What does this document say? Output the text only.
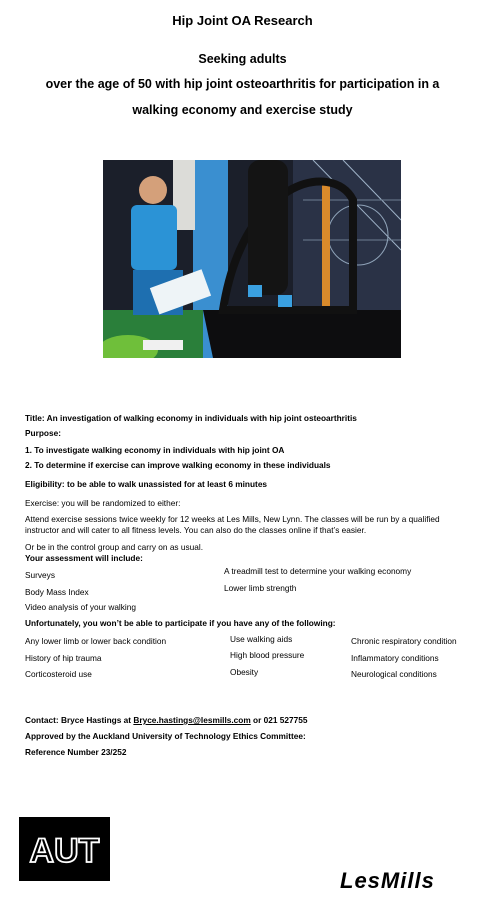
Hip Joint OA Research
Seeking adults
over the age of 50 with hip joint osteoarthritis for participation in a
walking economy and exercise study
Title: An investigation of walking economy in individuals with hip joint osteoarthritis
Purpose:
1. To investigate walking economy in individuals with hip joint OA
2. To determine if exercise can improve walking economy in these individuals
Eligibility: to be able to walk unassisted for at least 6 minutes
Exercise: you will be randomized to either:
Attend exercise sessions twice weekly for 12 weeks at Les Mills, New Lynn. The classes will be run by a qualified instructor and will cater to all fitness levels. You can also do the classes online if that’s easier.
Or be in the control group and carry on as usual.
Your assessment will include:
Surveys
Body Mass Index
Video analysis of your walking
A treadmill test to determine your walking economy
Lower limb strength
Unfortunately, you won’t be able to participate if you have any of the following:
Any lower limb or lower back condition
History of hip trauma
Corticosteroid use
Use walking aids
High blood pressure
Obesity
Chronic respiratory condition
Inflammatory conditions
Neurological conditions
Contact: Bryce Hastings at Bryce.hastings@lesmills.com or 021 527755
Approved by the Auckland University of Technology Ethics Committee:
Reference Number 23/252
AUT
LesMills
